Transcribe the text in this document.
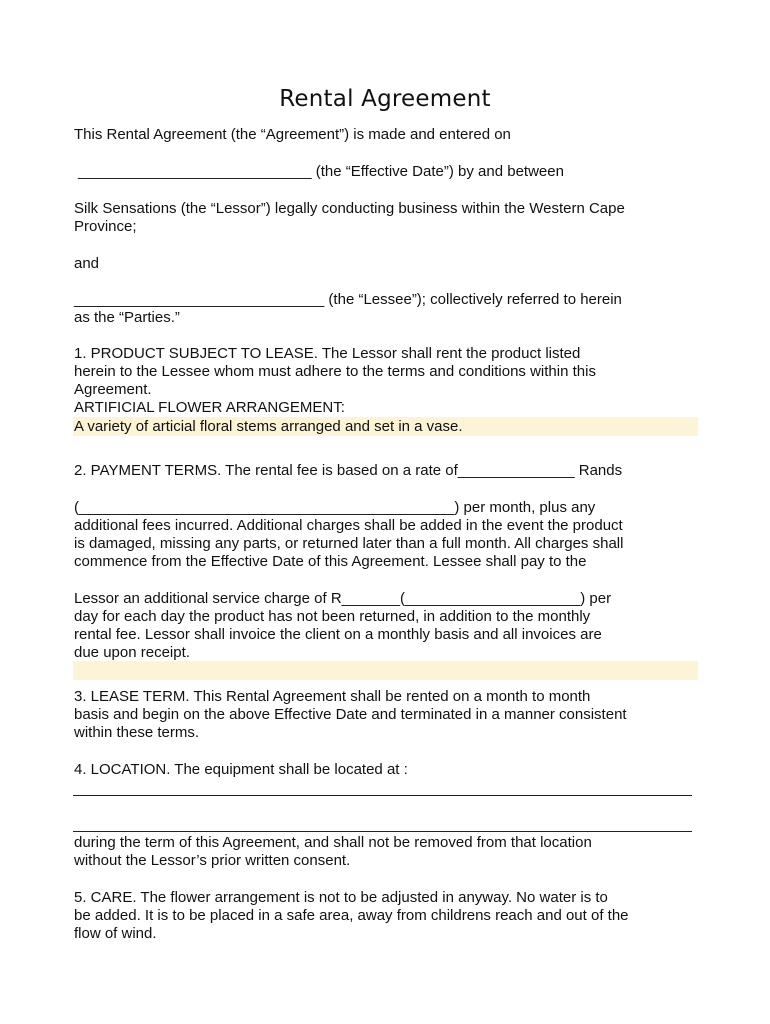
Rental Agreement
This Rental Agreement (the “Agreement”) is made and entered on
____________________________ (the “Effective Date”) by and between
Silk Sensations (the “Lessor”) legally conducting business within the Western Cape
Province;
and
______________________________ (the “Lessee”); collectively referred to herein
as the “Parties.”
1. PRODUCT SUBJECT TO LEASE. The Lessor shall rent the product listed
herein to the Lessee whom must adhere to the terms and conditions within this
Agreement.
ARTIFICIAL FLOWER ARRANGEMENT:
A variety of articial floral stems arranged and set in a vase.
2. PAYMENT TERMS. The rental fee is based on a rate of______________ Rands
(_____________________________________________) per month, plus any
additional fees incurred. Additional charges shall be added in the event the product
is damaged, missing any parts, or returned later than a full month. All charges shall
commence from the Effective Date of this Agreement. Lessee shall pay to the
Lessor an additional service charge of R_______(_____________________) per
day for each day the product has not been returned, in addition to the monthly
rental fee. Lessor shall invoice the client on a monthly basis and all invoices are
due upon receipt.
3. LEASE TERM. This Rental Agreement shall be rented on a month to month
basis and begin on the above Effective Date and terminated in a manner consistent
within these terms.
4. LOCATION. The equipment shall be located at :
during the term of this Agreement, and shall not be removed from that location
without the Lessor’s prior written consent.
5. CARE. The flower arrangement is not to be adjusted in anyway. No water is to
be added. It is to be placed in a safe area, away from childrens reach and out of the
flow of wind.
